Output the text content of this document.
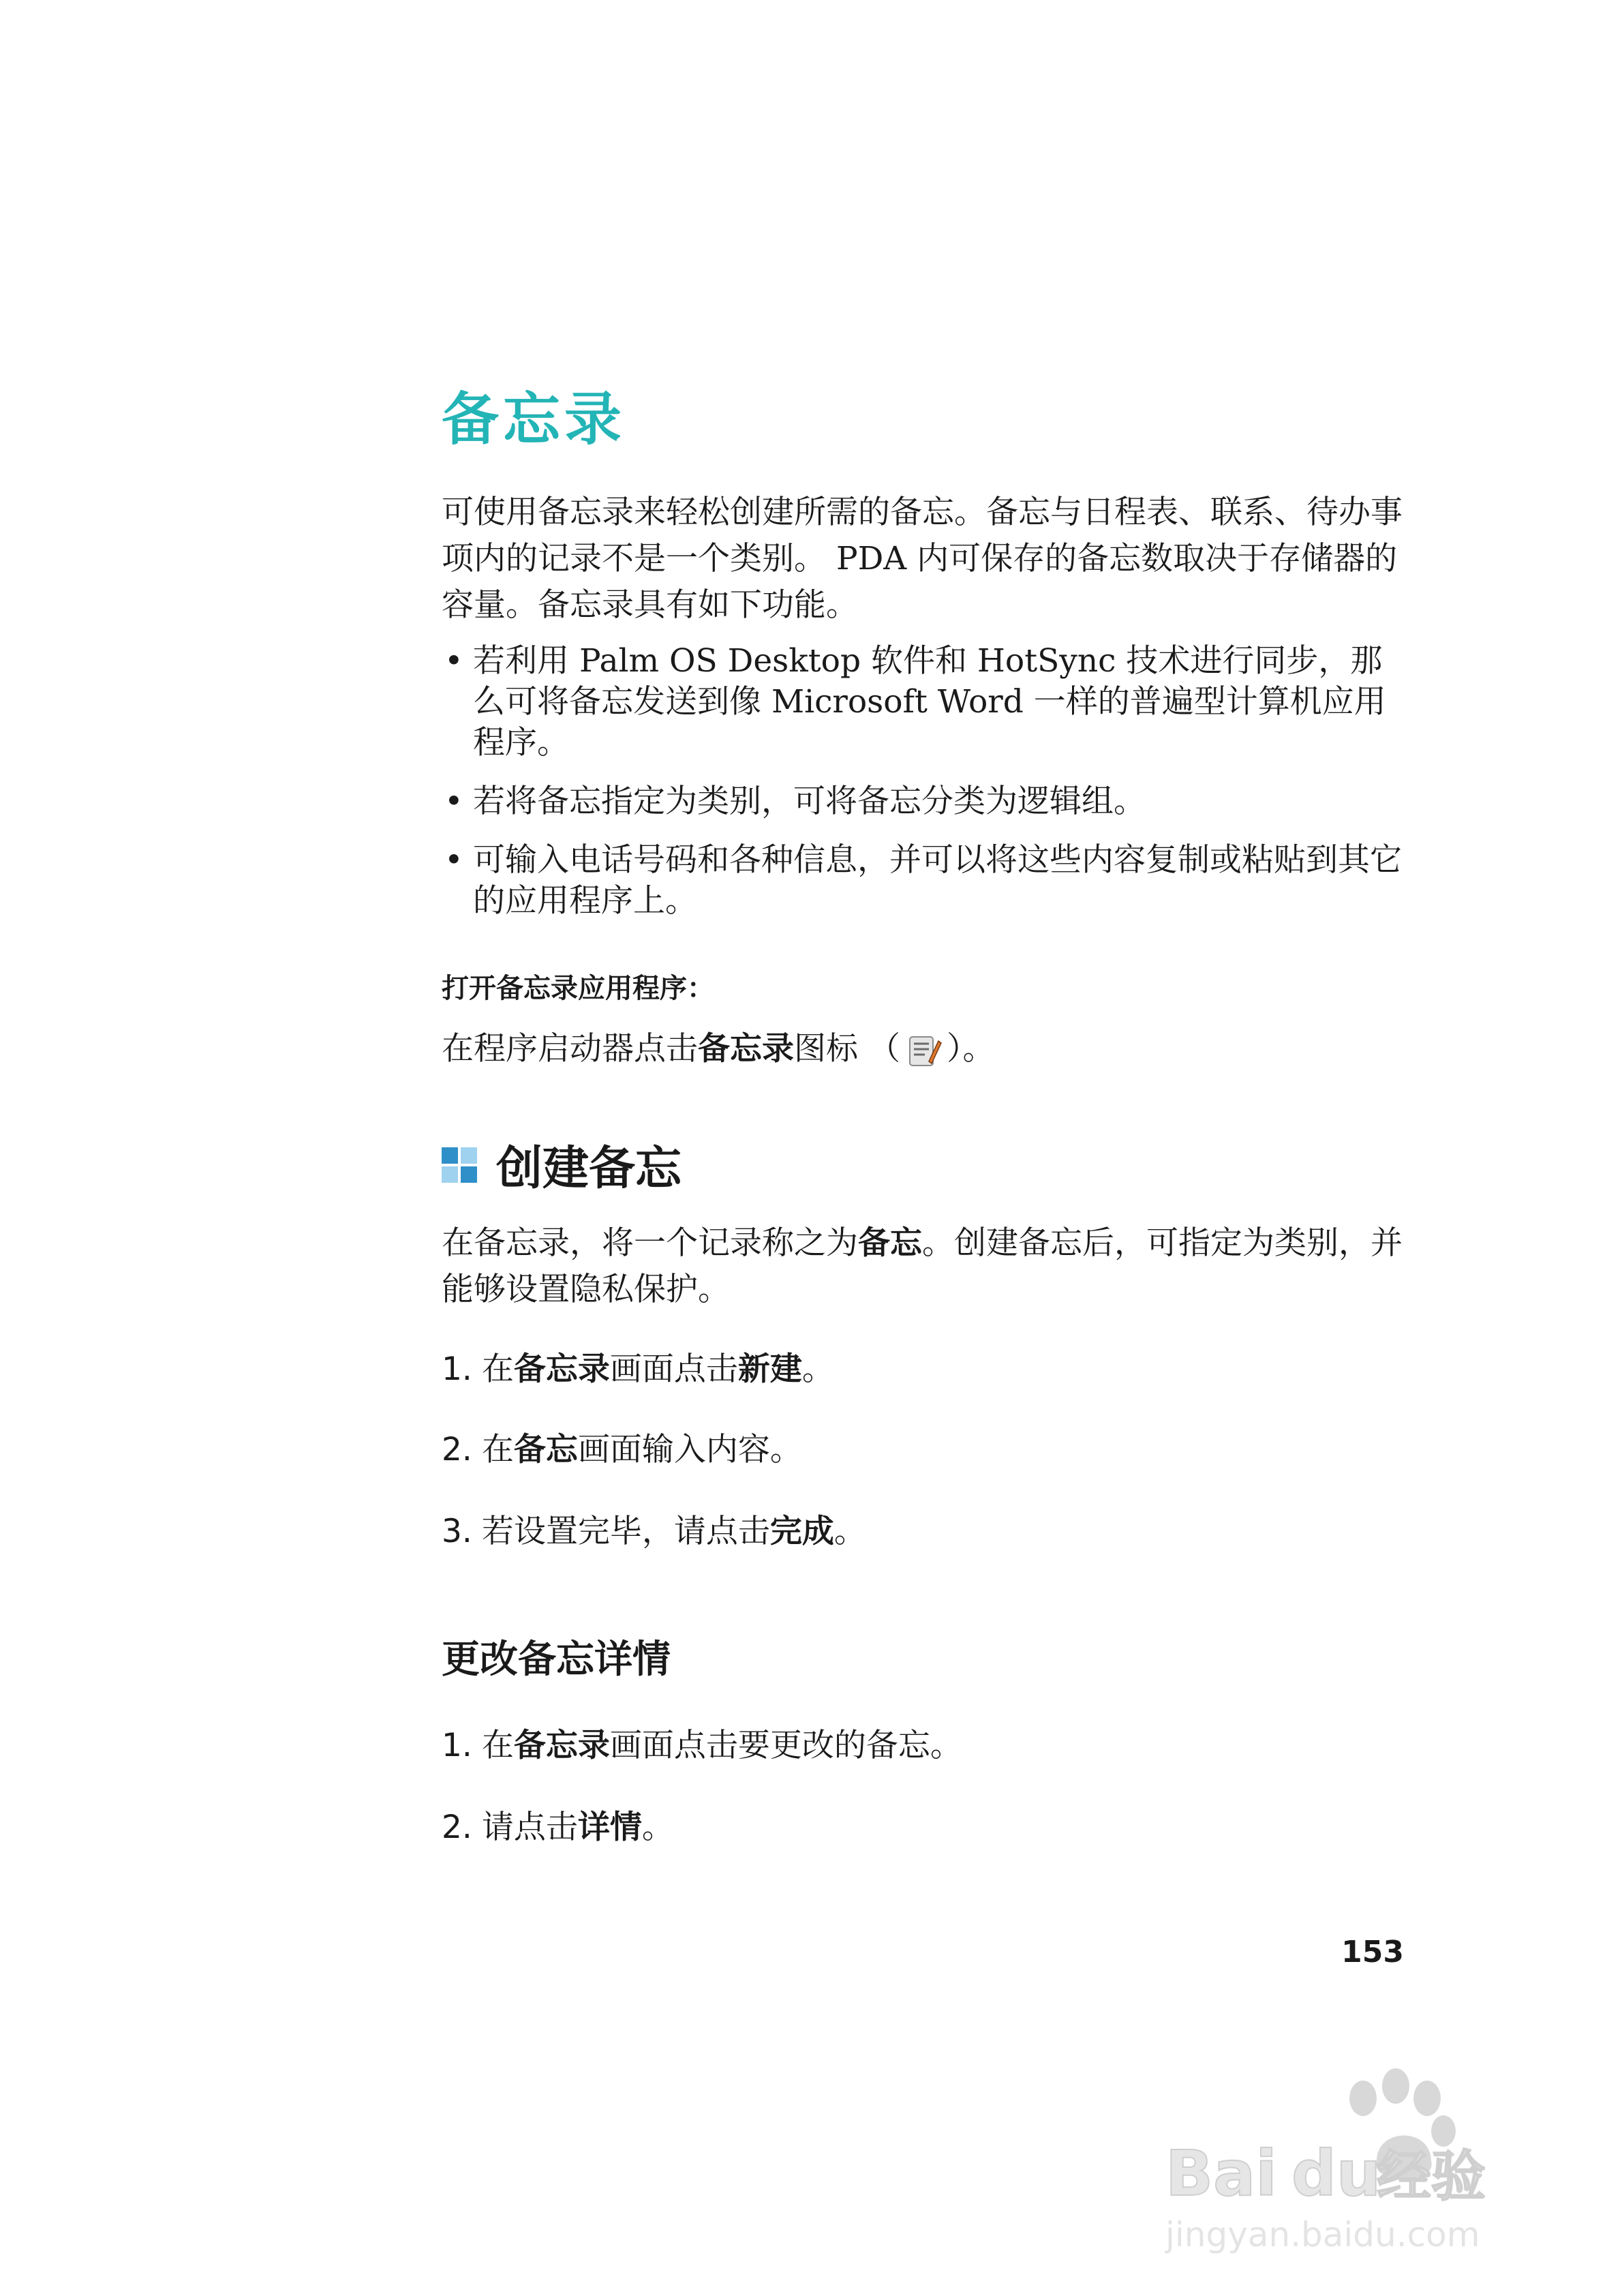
备忘录

可使用备忘录来轻松创建所需的备忘。备忘与日程表、联系、待办事项内的记录不是一个类别。 PDA 内可保存的备忘数取决于存储器的容量。备忘录具有如下功能。

• 若利用 Palm OS Desktop 软件和 HotSync 技术进行同步，那么可将备忘发送到像 Microsoft Word 一样的普遍型计算机应用程序。
• 若将备忘指定为类别，可将备忘分类为逻辑组。
• 可输入电话号码和各种信息，并可以将这些内容复制或粘贴到其它的应用程序上。
打开备忘录应用程序：

在程序启动器点击备忘录图标 （ ）。

创建备忘

在备忘录，将一个记录称之为备忘。创建备忘后，可指定为类别，并能够设置隐私保护。

1. 在备忘录画面点击新建。

2. 在备忘画面输入内容。

3. 若设置完毕，请点击完成。

更改备忘详情

1. 在备忘录画面点击要更改的备忘。

2. 请点击详情。

153
Bai du
经验
jingyan.baidu.com
